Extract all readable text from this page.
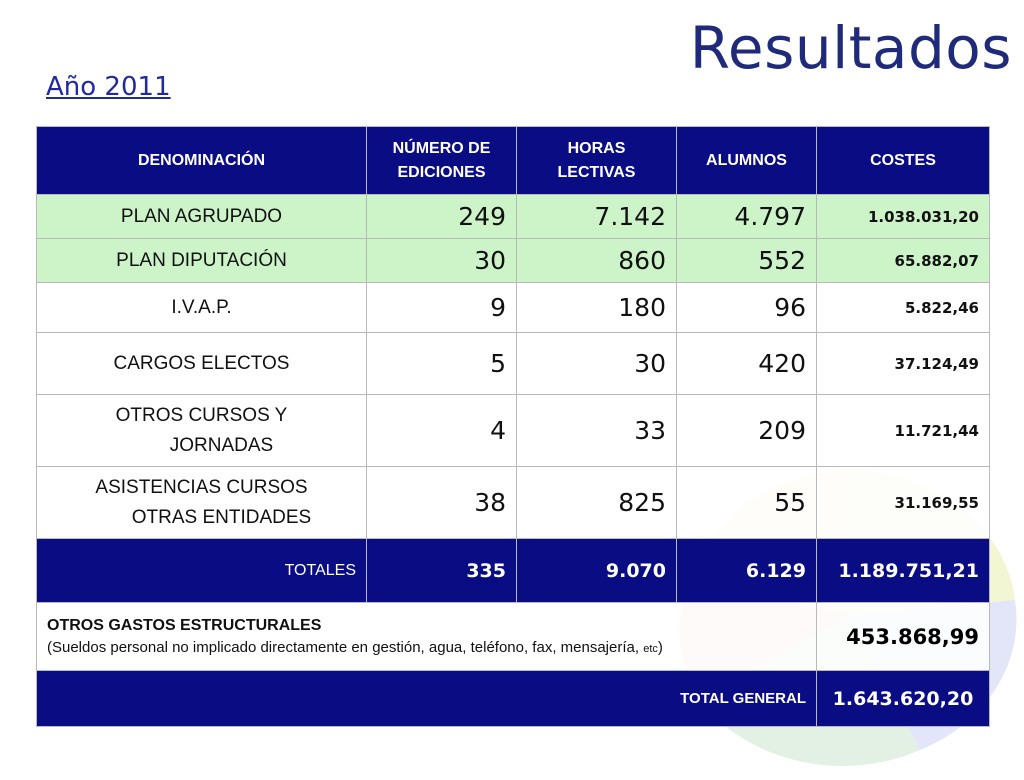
Resultados
Año 2011
DENOMINACIÓN	NÚMERO DE EDICIONES	HORAS LECTIVAS	ALUMNOS	COSTES
PLAN AGRUPADO	249	7.142	4.797	1.038.031,20
PLAN DIPUTACIÓN	30	860	552	65.882,07
I.V.A.P.	9	180	96	5.822,46
CARGOS ELECTOS	5	30	420	37.124,49
OTROS CURSOS Y
JORNADAS	4	33	209	11.721,44
ASISTENCIAS CURSOS
OTRAS ENTIDADES	38	825	55	31.169,55
TOTALES	335	9.070	6.129	1.189.751,21

OTROS GASTOS ESTRUCTURALES
(Sueldos personal no implicado directamente en gestión, agua, teléfono, fax, mensajería, etc)				453.868,99
TOTAL GENERAL				1.643.620,20
